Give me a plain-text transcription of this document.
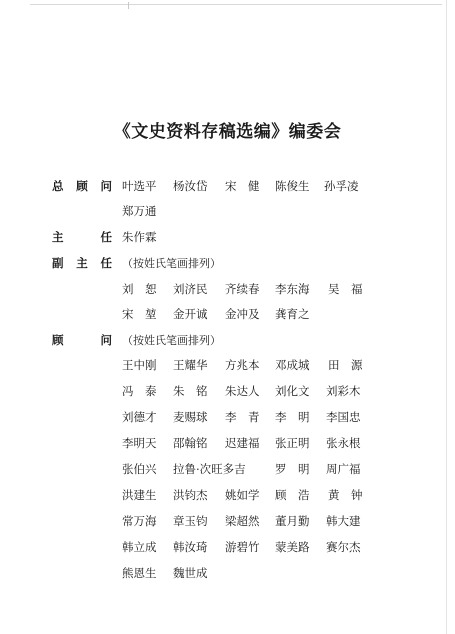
《文史资料存稿选编》编委会
总 顾 问 叶选平 杨汝岱 宋　健 陈俊生 孙孚凌
郑万通
主	任 朱作霖
副 主 任 （按姓氏笔画排列）
刘　恕 刘济民 齐续春 李东海 吴　福
宋　堃 金开诚 金冲及 龚育之
顾	问 （按姓氏笔画排列）
王中刚 王耀华 方兆本 邓成城 田　源
冯　泰 朱　铭 朱达人 刘化文 刘彩木
刘德才 麦赐球 李　青 李　明 李国忠
李明天 邵翰铭 迟建福 张正明 张永根
张伯兴 拉鲁·次旺多吉	罗　明 周广福
洪建生 洪钧杰 姚如学 顾　浩 黄　钟
常万海 章玉钧 梁超然 董月勤 韩大建
韩立成 韩汝琦 游碧竹 蒙美路 赛尔杰
熊恩生 魏世成
